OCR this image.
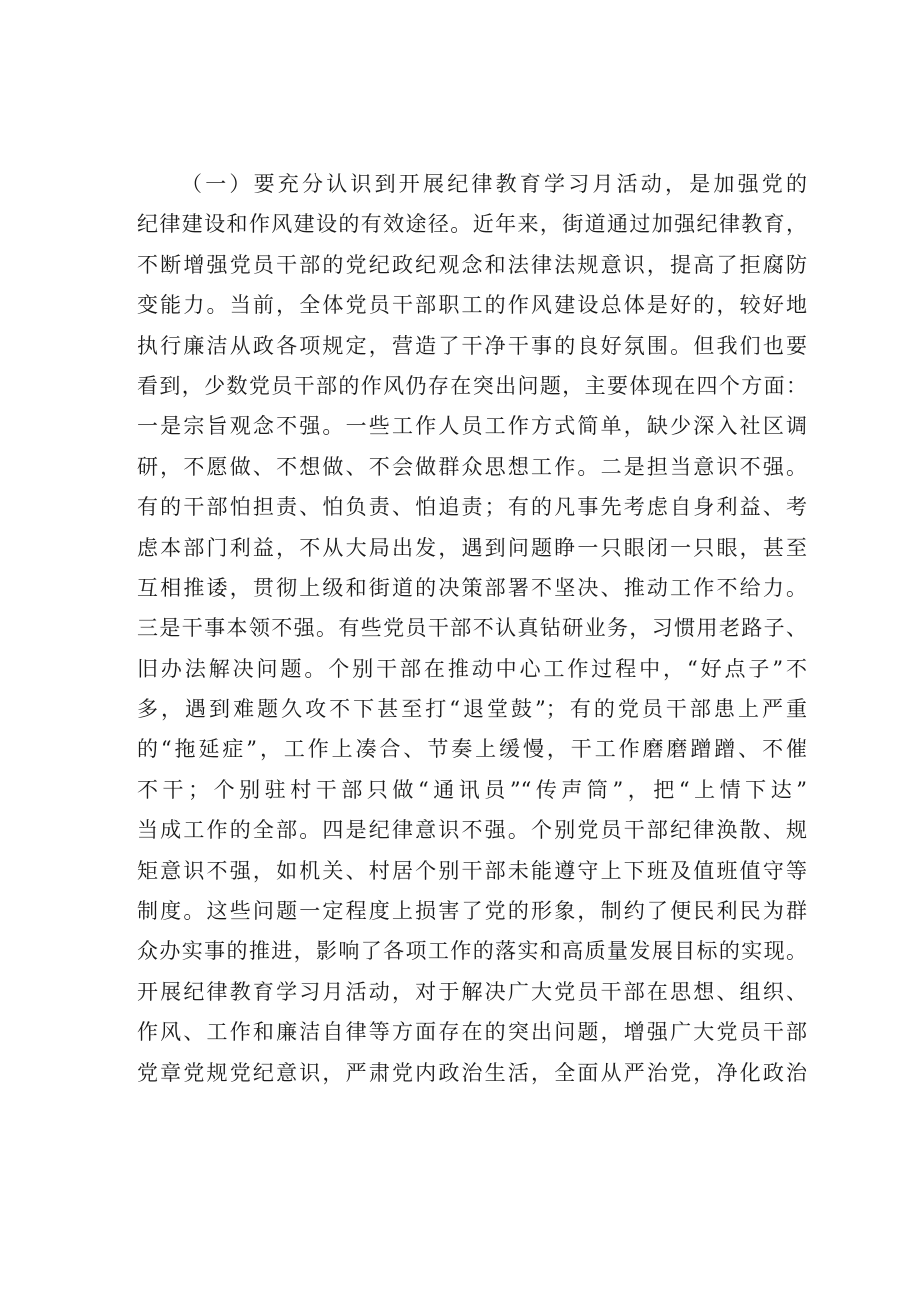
（一）要充分认识到开展纪律教育学习月活动，是加强党的
纪律建设和作风建设的有效途径。近年来，街道通过加强纪律教育，
不断增强党员干部的党纪政纪观念和法律法规意识，提高了拒腐防
变能力。当前，全体党员干部职工的作风建设总体是好的，较好地
执行廉洁从政各项规定，营造了干净干事的良好氛围。但我们也要
看到，少数党员干部的作风仍存在突出问题，主要体现在四个方面：
一是宗旨观念不强。一些工作人员工作方式简单，缺少深入社区调
研，不愿做、不想做、不会做群众思想工作。二是担当意识不强。
有的干部怕担责、怕负责、怕追责；有的凡事先考虑自身利益、考
虑本部门利益，不从大局出发，遇到问题睁一只眼闭一只眼，甚至
互相推诿，贯彻上级和街道的决策部署不坚决、推动工作不给力。
三是干事本领不强。有些党员干部不认真钻研业务，习惯用老路子、
旧办法解决问题。个别干部在推动中心工作过程中，“好点子”不
多，遇到难题久攻不下甚至打“退堂鼓”；有的党员干部患上严重
的“拖延症”，工作上凑合、节奏上缓慢，干工作磨磨蹭蹭、不催
不干；个别驻村干部只做“通讯员”“传声筒”，把“上情下达”
当成工作的全部。四是纪律意识不强。个别党员干部纪律涣散、规
矩意识不强，如机关、村居个别干部未能遵守上下班及值班值守等
制度。这些问题一定程度上损害了党的形象，制约了便民利民为群
众办实事的推进，影响了各项工作的落实和高质量发展目标的实现。
开展纪律教育学习月活动，对于解决广大党员干部在思想、组织、
作风、工作和廉洁自律等方面存在的突出问题，增强广大党员干部
党章党规党纪意识，严肃党内政治生活，全面从严治党，净化政治
